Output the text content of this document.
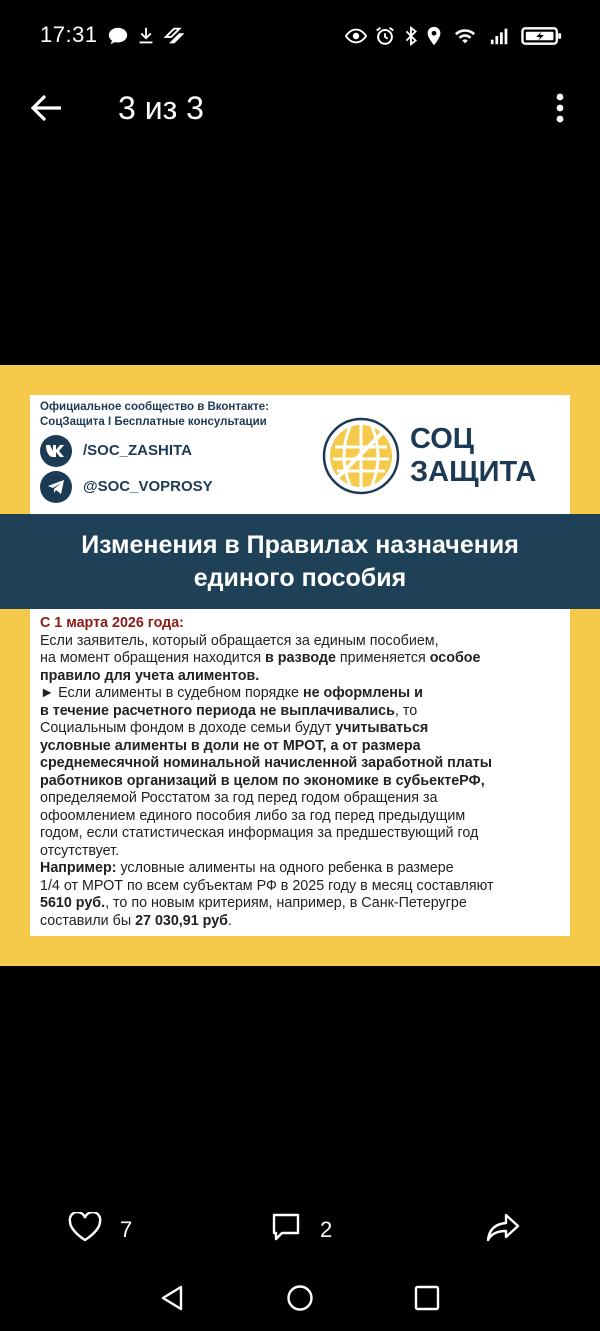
17:31
3 из 3
Официальное сообщество в Вконтакте:
СоцЗащита I Бесплатные консультации
/SOC_ZASHITA
@SOC_VOPROSY
СОЦ
ЗАЩИТА
Изменения в Правилах назначения
единого пособия

С 1 марта 2026 года:

Если заявитель, который обращается за единым пособием,
на момент обращения находится в разводе применяется особое
правило для учета алиментов.

► Если алименты в судебном порядке не оформлены и
в течение расчетного периода не выплачивались, то
Социальным фондом в доходе семьи будут учитываться
условные алименты в доли не от МРОТ, а от размера
среднемесячной номинальной начисленной заработной платы
работников организаций в целом по экономике в субьектеРФ,
определяемой Росстатом за год перед годом обращения за
офоомлением единого пособия либо за год перед предыдущим
годом, если статистическая информация за предшествующий год
отсутствует.

Например: условные алименты на одного ребенка в размере
1/4 от МРОТ по всем субъектам РФ в 2025 году в месяц составляют
5610 руб., то по новым критериям, например, в Санк-Петеругре
составили бы 27 030,91 руб.

7	2
